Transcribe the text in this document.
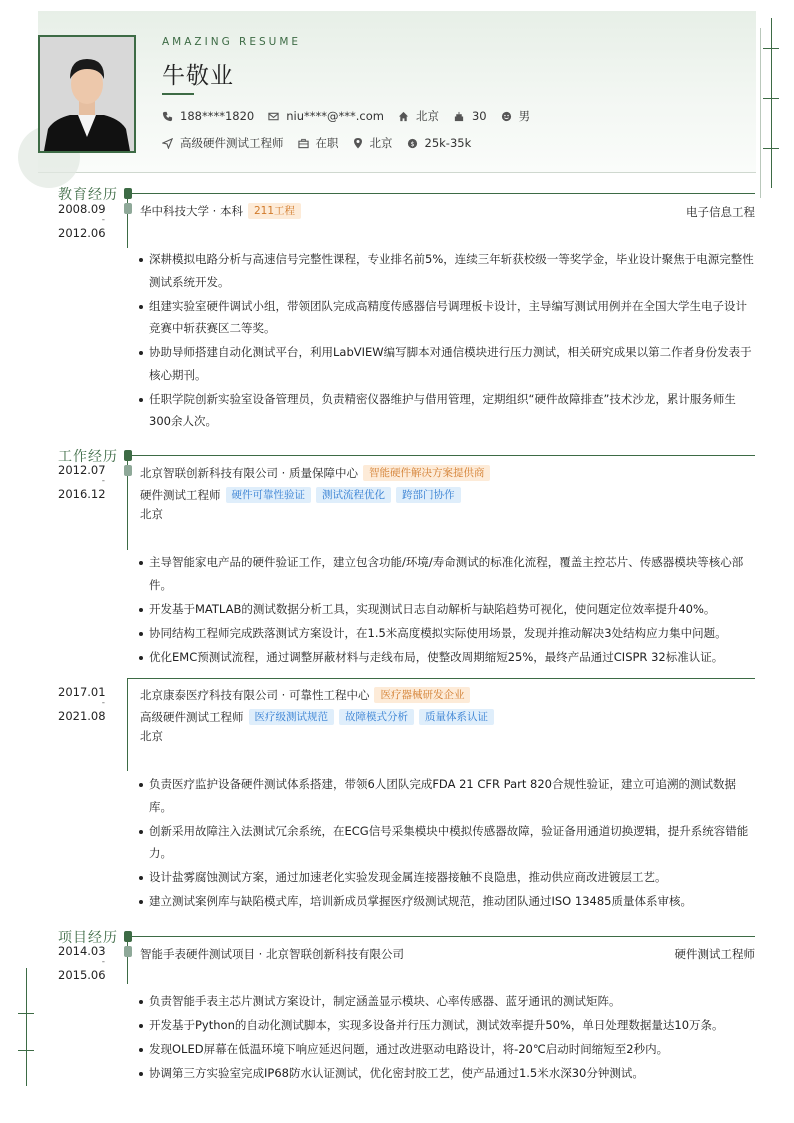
AMAZING RESUME
牛敬业
188****1820	niu****@***.com	北京	30	男
高级硬件测试工程师	在职	北京 $ 25k-35k
教育经历
2008.09
-
2012.06
华中科技大学 · 本科	211工程	电子信息工程
深耕模拟电路分析与高速信号完整性课程，专业排名前5%，连续三年斩获校级一等奖学金，毕业设计聚焦于电源完整性测试系统开发。
组建实验室硬件调试小组，带领团队完成高精度传感器信号调理板卡设计，主导编写测试用例并在全国大学生电子设计竞赛中斩获赛区二等奖。
协助导师搭建自动化测试平台，利用LabVIEW编写脚本对通信模块进行压力测试，相关研究成果以第二作者身份发表于核心期刊。
任职学院创新实验室设备管理员，负责精密仪器维护与借用管理，定期组织“硬件故障排查”技术沙龙，累计服务师生300余人次。
工作经历
2012.07
-
2016.12
北京智联创新科技有限公司 · 质量保障中心	智能硬件解决方案提供商
硬件测试工程师	硬件可靠性验证	测试流程优化	跨部门协作
北京
主导智能家电产品的硬件验证工作，建立包含功能/环境/寿命测试的标准化流程，覆盖主控芯片、传感器模块等核心部件。
开发基于MATLAB的测试数据分析工具，实现测试日志自动解析与缺陷趋势可视化，使问题定位效率提升40%。
协同结构工程师完成跌落测试方案设计，在1.5米高度模拟实际使用场景，发现并推动解决3处结构应力集中问题。
优化EMC预测试流程，通过调整屏蔽材料与走线布局，使整改周期缩短25%，最终产品通过CISPR 32标准认证。
2017.01
-
2021.08
北京康泰医疗科技有限公司 · 可靠性工程中心	医疗器械研发企业
高级硬件测试工程师	医疗级测试规范	故障模式分析	质量体系认证
北京
负责医疗监护设备硬件测试体系搭建，带领6人团队完成FDA 21 CFR Part 820合规性验证，建立可追溯的测试数据库。
创新采用故障注入法测试冗余系统，在ECG信号采集模块中模拟传感器故障，验证备用通道切换逻辑，提升系统容错能力。
设计盐雾腐蚀测试方案，通过加速老化实验发现金属连接器接触不良隐患，推动供应商改进镀层工艺。
建立测试案例库与缺陷模式库，培训新成员掌握医疗级测试规范，推动团队通过ISO 13485质量体系审核。
项目经历
2014.03
-
2015.06
智能手表硬件测试项目 · 北京智联创新科技有限公司	硬件测试工程师
负责智能手表主芯片测试方案设计，制定涵盖显示模块、心率传感器、蓝牙通讯的测试矩阵。
开发基于Python的自动化测试脚本，实现多设备并行压力测试，测试效率提升50%，单日处理数据量达10万条。
发现OLED屏幕在低温环境下响应延迟问题，通过改进驱动电路设计，将-20℃启动时间缩短至2秒内。
协调第三方实验室完成IP68防水认证测试，优化密封胶工艺，使产品通过1.5米水深30分钟测试。
